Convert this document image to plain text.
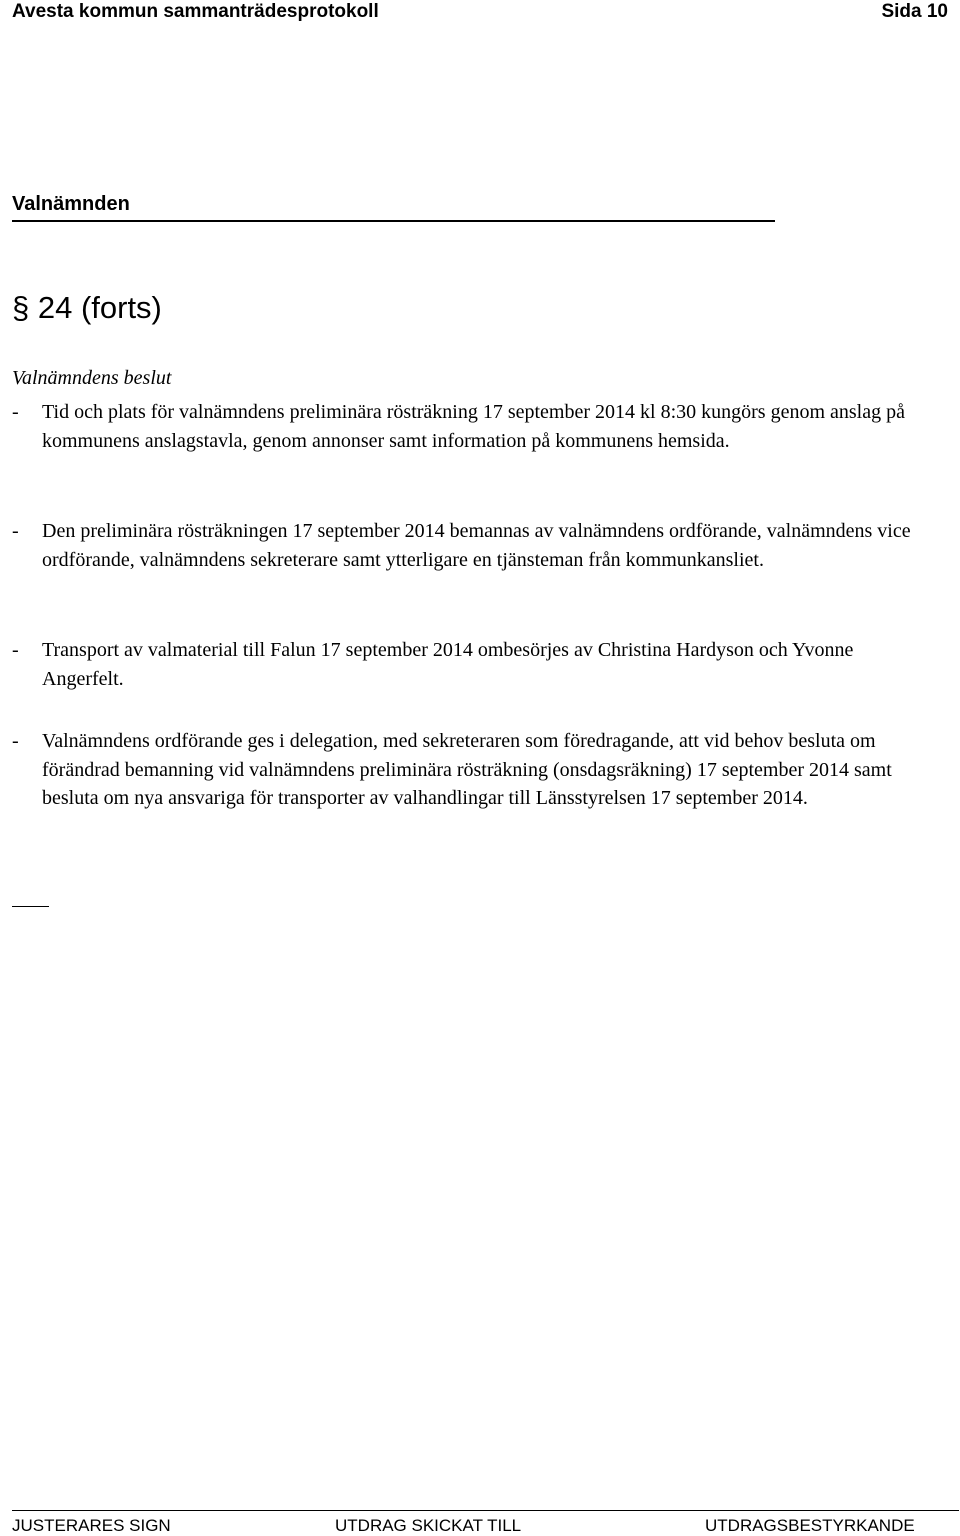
Avesta kommun sammanträdesprotokoll	Sida 10
Valnämnden
§ 24 (forts)
Valnämndens beslut
- Tid och plats för valnämndens preliminära rösträkning 17 september 2014 kl 8:30 kungörs genom anslag på kommunens anslagstavla, genom annonser samt information på kommunens hemsida.
- Den preliminära rösträkningen 17 september 2014 bemannas av valnämndens ordförande, valnämndens vice ordförande, valnämndens sekreterare samt ytterligare en tjänsteman från kommunkansliet.
- Transport av valmaterial till Falun 17 september 2014 ombesörjes av Christina Hardyson och Yvonne Angerfelt.
- Valnämndens ordförande ges i delegation, med sekreteraren som föredragande, att vid behov besluta om förändrad bemanning vid valnämndens preliminära rösträkning (onsdagsräkning) 17 september 2014 samt besluta om nya ansvariga för transporter av valhandlingar till Länsstyrelsen 17 september 2014.
JUSTERARES SIGN	UTDRAG SKICKAT TILL	UTDRAGSBESTYRKANDE
